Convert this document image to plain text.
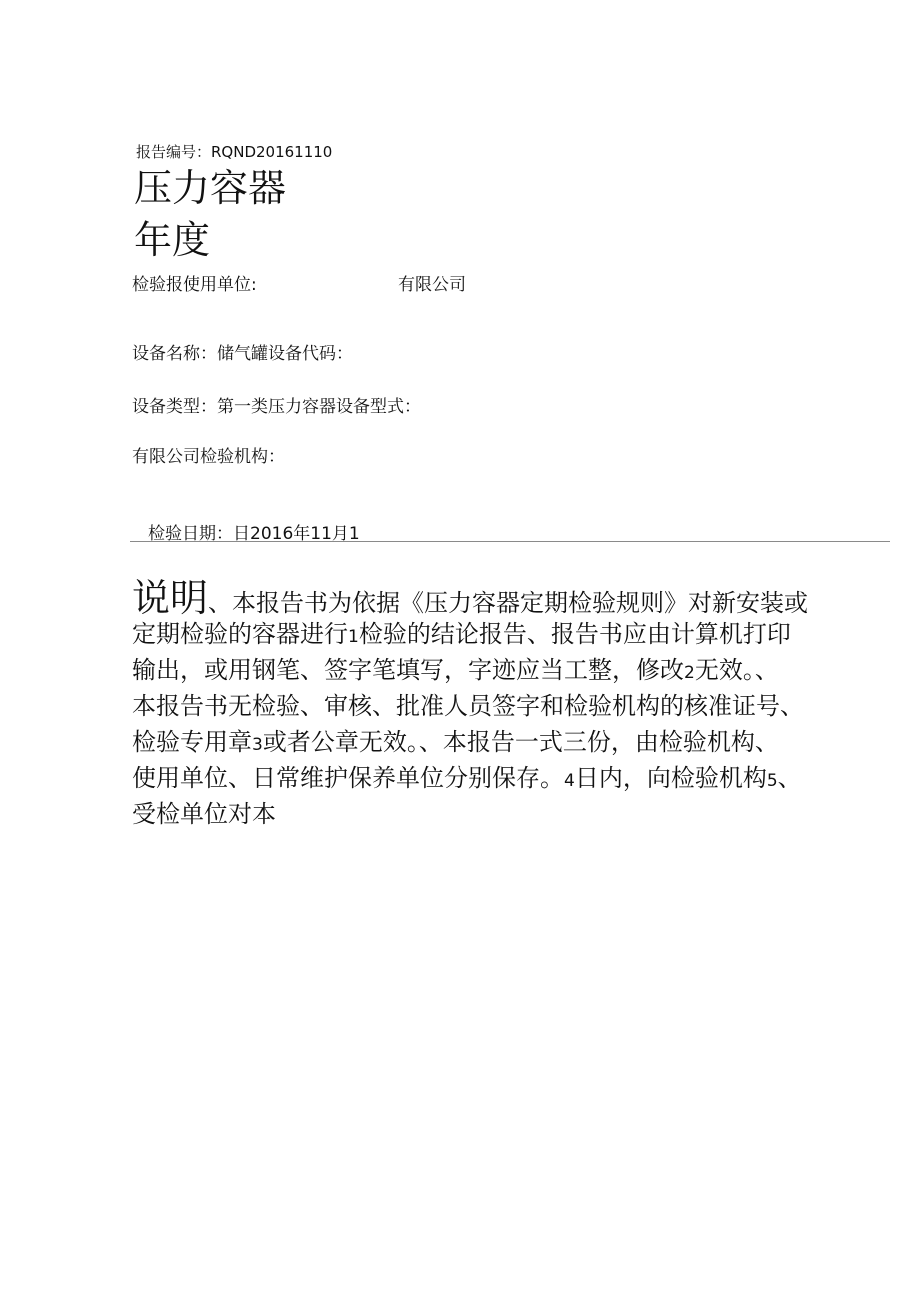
报告编号：RQND20161110
压力容器
年度
检验报使用单位:	有限公司
设备名称：储气罐设备代码：
设备类型：第一类压力容器设备型式：
有限公司检验机构：
检验日期：日2016年11月1
说明、本报告书为依据《压力容器定期检验规则》对新安装或
定期检验的容器进行1检验的结论报告、报告书应由计算机打印
输出，或用钢笔、签字笔填写，字迹应当工整，修改2无效。、
本报告书无检验、审核、批准人员签字和检验机构的核准证号、
检验专用章3或者公章无效。、本报告一式三份，由检验机构、
使用单位、日常维护保养单位分别保存。4日内，向检验机构5、
受检单位对本
